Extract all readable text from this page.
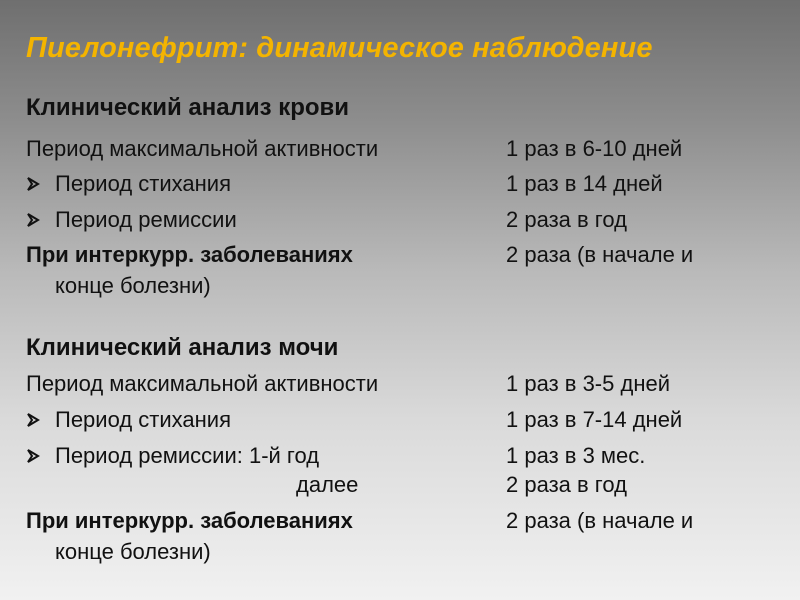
Пиелонефрит: динамическое наблюдение
Клинический анализ крови
Период максимальной активности	1 раз в 6-10 дней
Период стихания	1 раз в 14 дней
Период ремиссии	2 раза в год
При интеркурр. заболеваниях	2 раза (в начале и
конце болезни)
Клинический анализ мочи
Период максимальной активности	1 раз в 3-5 дней
Период стихания	1 раз в 7-14 дней
Период ремиссии: 1-й год	1 раз в 3 мес.
далее	2 раза в год
При интеркурр. заболеваниях	2 раза (в начале и
конце болезни)
